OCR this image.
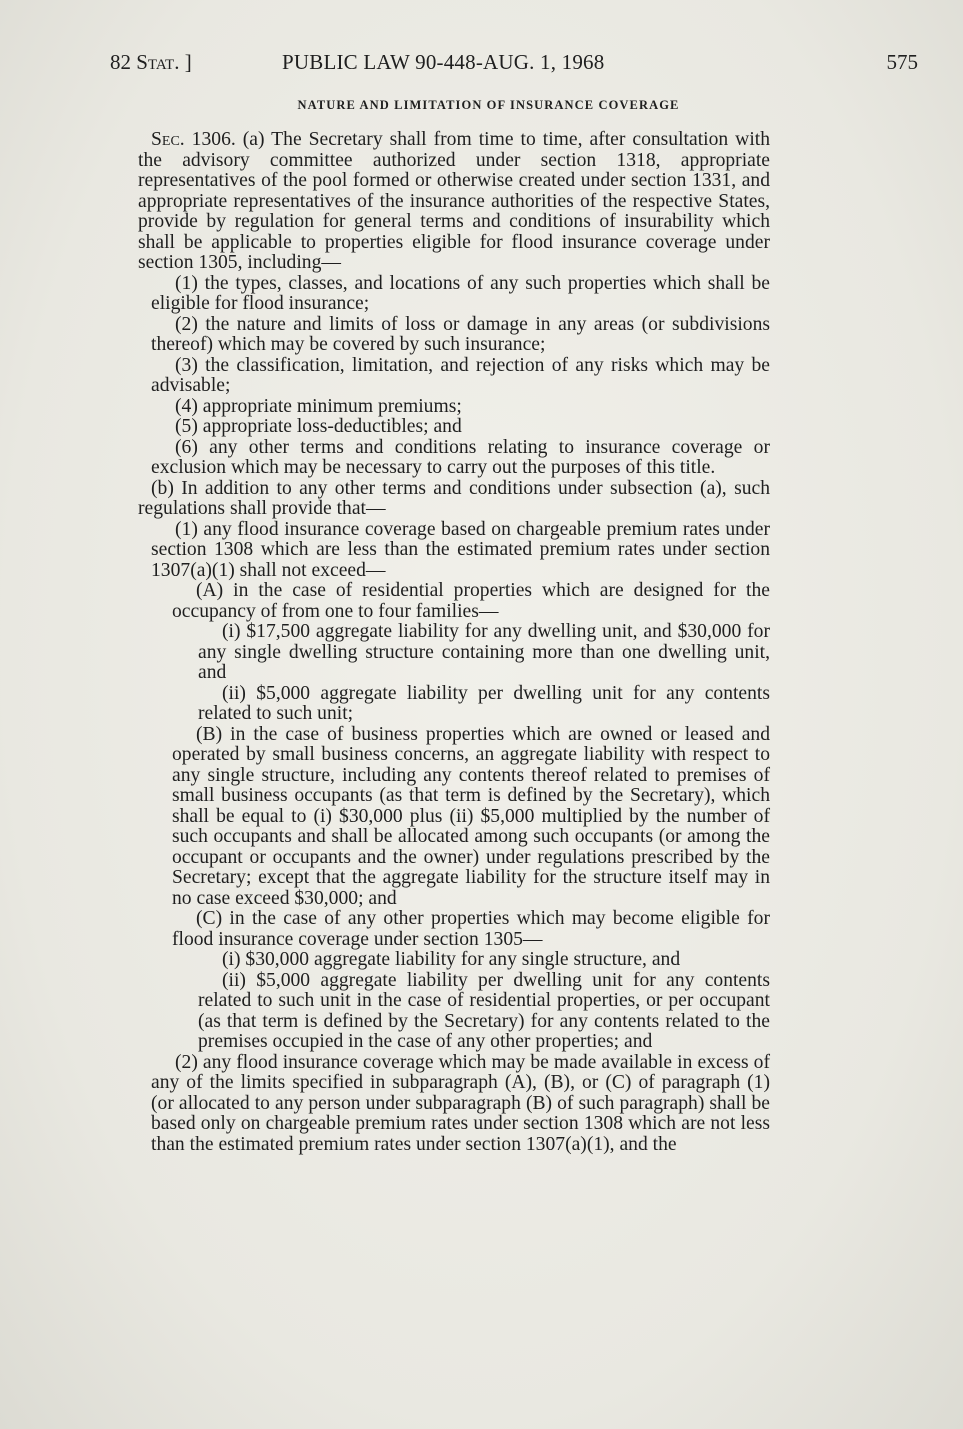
82 Stat. ]	PUBLIC LAW 90-448-AUG. 1, 1968	575
NATURE AND LIMITATION OF INSURANCE COVERAGE

Sec. 1306. (a) The Secretary shall from time to time, after consultation with the advisory committee authorized under section 1318, appropriate representatives of the pool formed or otherwise created under section 1331, and appropriate representatives of the insurance authorities of the respective States, provide by regulation for general terms and conditions of insurability which shall be applicable to properties eligible for flood insurance coverage under section 1305, including—

(1) the types, classes, and locations of any such properties which shall be eligible for flood insurance;

(2) the nature and limits of loss or damage in any areas (or subdivisions thereof) which may be covered by such insurance;

(3) the classification, limitation, and rejection of any risks which may be advisable;

(4) appropriate minimum premiums;

(5) appropriate loss-deductibles; and

(6) any other terms and conditions relating to insurance coverage or exclusion which may be necessary to carry out the purposes of this title.

(b) In addition to any other terms and conditions under subsection (a), such regulations shall provide that—

(1) any flood insurance coverage based on chargeable premium rates under section 1308 which are less than the estimated premium rates under section 1307(a)(1) shall not exceed—

(A) in the case of residential properties which are designed for the occupancy of from one to four families—

(i) $17,500 aggregate liability for any dwelling unit, and $30,000 for any single dwelling structure containing more than one dwelling unit, and

(ii) $5,000 aggregate liability per dwelling unit for any contents related to such unit;

(B) in the case of business properties which are owned or leased and operated by small business concerns, an aggregate liability with respect to any single structure, including any contents thereof related to premises of small business occupants (as that term is defined by the Secretary), which shall be equal to (i) $30,000 plus (ii) $5,000 multiplied by the number of such occupants and shall be allocated among such occupants (or among the occupant or occupants and the owner) under regulations prescribed by the Secretary; except that the aggregate liability for the structure itself may in no case exceed $30,000; and

(C) in the case of any other properties which may become eligible for flood insurance coverage under section 1305—

(i) $30,000 aggregate liability for any single structure, and

(ii) $5,000 aggregate liability per dwelling unit for any contents related to such unit in the case of residential properties, or per occupant (as that term is defined by the Secretary) for any contents related to the premises occupied in the case of any other properties; and

(2) any flood insurance coverage which may be made available in excess of any of the limits specified in subparagraph (A), (B), or (C) of paragraph (1) (or allocated to any person under subparagraph (B) of such paragraph) shall be based only on chargeable premium rates under section 1308 which are not less than the estimated premium rates under section 1307(a)(1), and the
